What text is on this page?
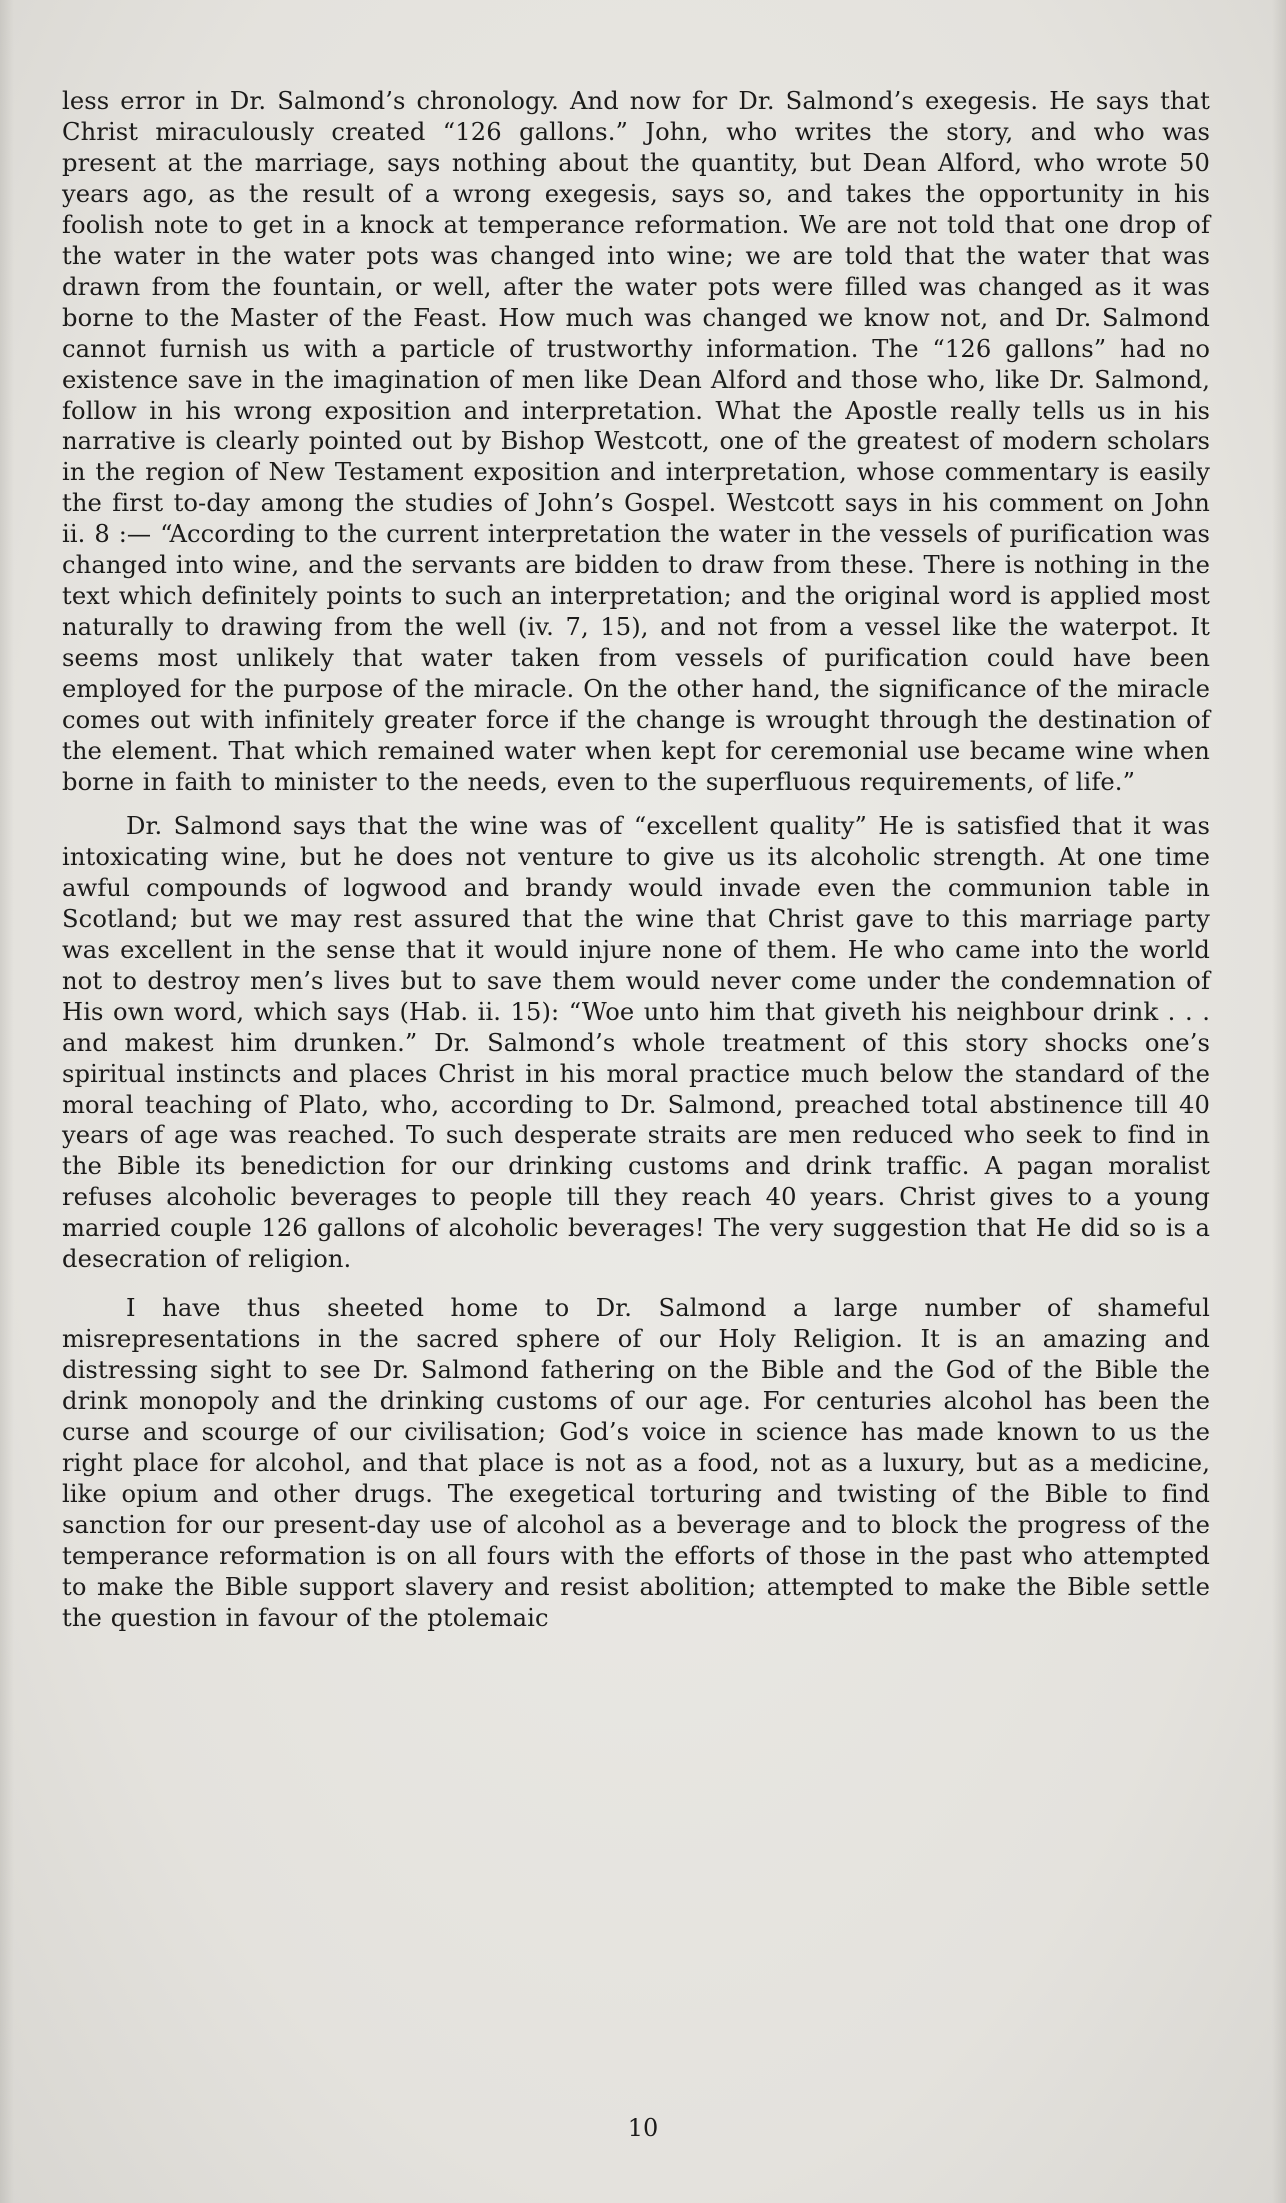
less error in Dr. Salmond’s chronology. And now for Dr. Salmond’s exegesis. He says that Christ miraculously created “126 gallons.” John, who writes the story, and who was present at the marriage, says nothing about the quantity, but Dean Alford, who wrote 50 years ago, as the result of a wrong exegesis, says so, and takes the opportunity in his foolish note to get in a knock at temperance reformation. We are not told that one drop of the water in the water pots was changed into wine; we are told that the water that was drawn from the fountain, or well, after the water pots were filled was changed as it was borne to the Master of the Feast. How much was changed we know not, and Dr. Salmond cannot furnish us with a particle of trustworthy information. The “126 gallons” had no existence save in the imagination of men like Dean Alford and those who, like Dr. Salmond, follow in his wrong exposition and interpretation. What the Apostle really tells us in his narrative is clearly pointed out by Bishop Westcott, one of the greatest of modern scholars in the region of New Testament exposition and interpretation, whose commentary is easily the first to-day among the studies of John’s Gospel. Westcott says in his comment on John ii. 8 :— “According to the current interpretation the water in the vessels of purification was changed into wine, and the servants are bidden to draw from these. There is nothing in the text which definitely points to such an interpretation; and the original word is applied most naturally to drawing from the well (iv. 7, 15), and not from a vessel like the waterpot. It seems most unlikely that water taken from vessels of purification could have been employed for the purpose of the miracle. On the other hand, the significance of the miracle comes out with infinitely greater force if the change is wrought through the destination of the element. That which remained water when kept for ceremonial use became wine when borne in faith to minister to the needs, even to the superfluous requirements, of life.”

Dr. Salmond says that the wine was of “excellent quality” He is satisfied that it was intoxicating wine, but he does not venture to give us its alcoholic strength. At one time awful compounds of logwood and brandy would invade even the communion table in Scotland; but we may rest assured that the wine that Christ gave to this marriage party was excellent in the sense that it would injure none of them. He who came into the world not to destroy men’s lives but to save them would never come under the condemnation of His own word, which says (Hab. ii. 15): “Woe unto him that giveth his neighbour drink . . . and makest him drunken.” Dr. Salmond’s whole treatment of this story shocks one’s spiritual instincts and places Christ in his moral practice much below the standard of the moral teaching of Plato, who, according to Dr. Salmond, preached total abstinence till 40 years of age was reached. To such desperate straits are men reduced who seek to find in the Bible its benediction for our drinking customs and drink traffic. A pagan moralist refuses alcoholic beverages to people till they reach 40 years. Christ gives to a young married couple 126 gallons of alcoholic beverages! The very suggestion that He did so is a desecration of religion.

I have thus sheeted home to Dr. Salmond a large number of shameful misrepresentations in the sacred sphere of our Holy Religion. It is an amazing and distressing sight to see Dr. Salmond fathering on the Bible and the God of the Bible the drink monopoly and the drinking customs of our age. For centuries alcohol has been the curse and scourge of our civilisation; God’s voice in science has made known to us the right place for alcohol, and that place is not as a food, not as a luxury, but as a medicine, like opium and other drugs. The exegetical torturing and twisting of the Bible to find sanction for our present-day use of alcohol as a beverage and to block the progress of the temperance reformation is on all fours with the efforts of those in the past who attempted to make the Bible support slavery and resist abolition; attempted to make the Bible settle the question in favour of the ptolemaic

10
